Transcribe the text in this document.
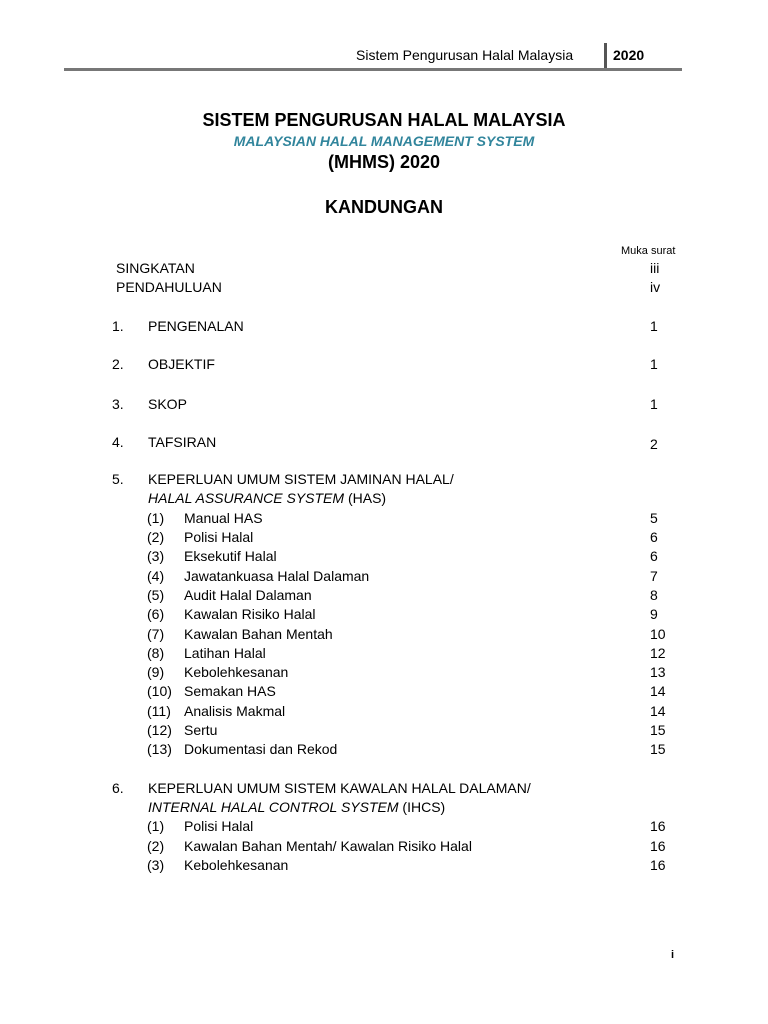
Sistem Pengurusan Halal Malaysia	2020
SISTEM PENGURUSAN HALAL MALAYSIA
MALAYSIAN HALAL MANAGEMENT SYSTEM
(MHMS) 2020
KANDUNGAN
Muka surat
SINGKATAN	iii
PENDAHULUAN	iv
1. PENGENALAN	1
2. OBJEKTIF	1
3. SKOP	1
4. TAFSIRAN	2
5. KEPERLUAN UMUM SISTEM JAMINAN HALAL/
HALAL ASSURANCE SYSTEM (HAS)
(1) Manual HAS	5
(2) Polisi Halal	6
(3) Eksekutif Halal	6
(4) Jawatankuasa Halal Dalaman	7
(5) Audit Halal Dalaman	8
(6) Kawalan Risiko Halal	9
(7) Kawalan Bahan Mentah	10
(8) Latihan Halal	12
(9) Kebolehkesanan	13
(10) Semakan HAS	14
(11) Analisis Makmal	14
(12) Sertu	15
(13) Dokumentasi dan Rekod	15
6. KEPERLUAN UMUM SISTEM KAWALAN HALAL DALAMAN/
INTERNAL HALAL CONTROL SYSTEM (IHCS)
(1) Polisi Halal	16
(2) Kawalan Bahan Mentah/ Kawalan Risiko Halal	16
(3) Kebolehkesanan	16
i
